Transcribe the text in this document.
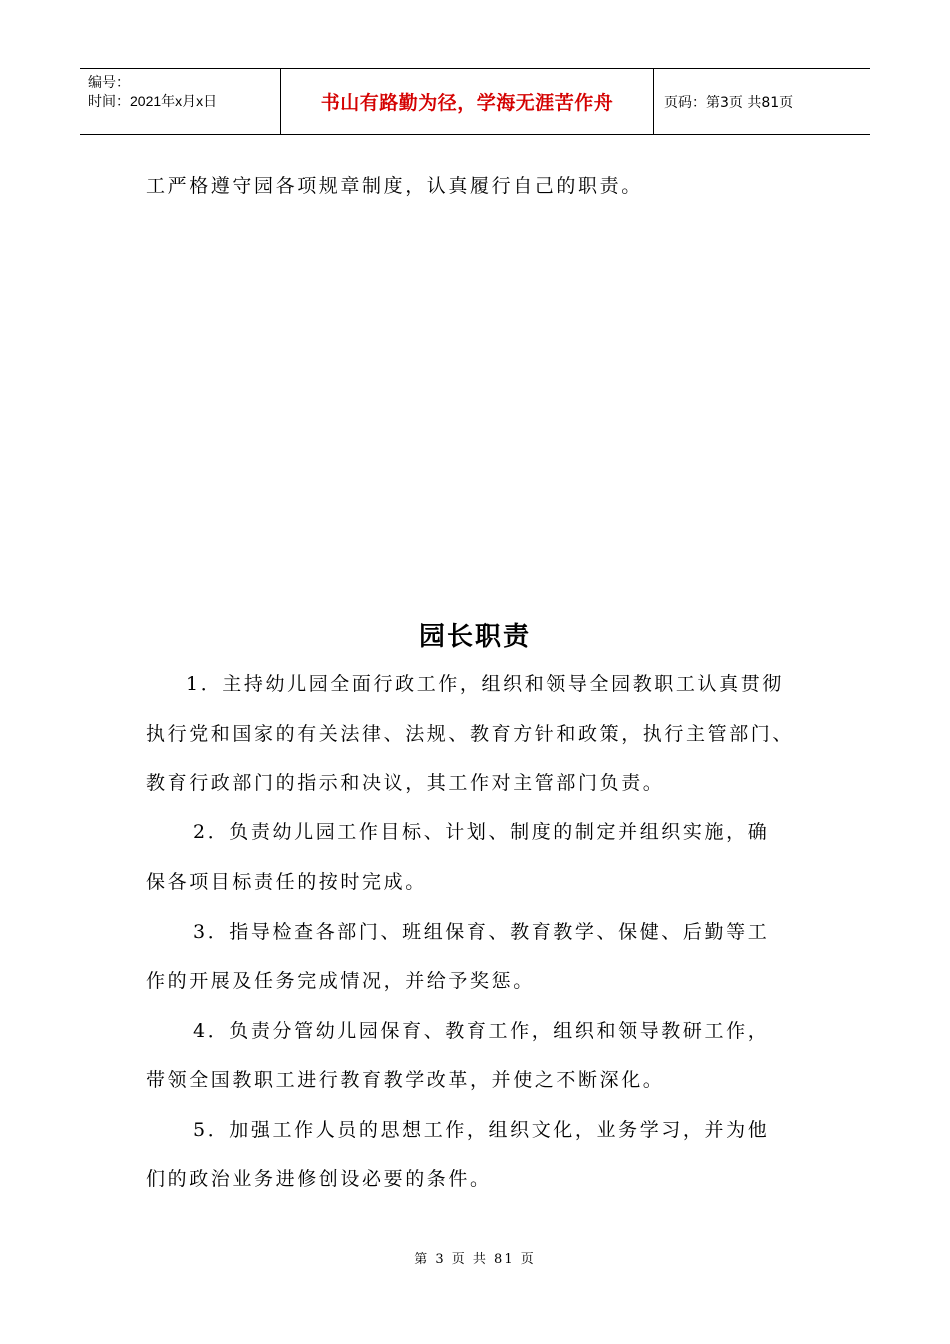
编号：
时间：2021年x月x日	书山有路勤为径，学海无涯苦作舟	页码：第3页 共81页
工严格遵守园各项规章制度，认真履行自己的职责。
园长职责
1．主持幼儿园全面行政工作，组织和领导全园教职工认真贯彻
执行党和国家的有关法律、法规、教育方针和政策，执行主管部门、
教育行政部门的指示和决议，其工作对主管部门负责。
2．负责幼儿园工作目标、计划、制度的制定并组织实施，确
保各项目标责任的按时完成。
3．指导检查各部门、班组保育、教育教学、保健、后勤等工
作的开展及任务完成情况，并给予奖惩。
4．负责分管幼儿园保育、教育工作，组织和领导教研工作，
带领全国教职工进行教育教学改革，并使之不断深化。
5．加强工作人员的思想工作，组织文化，业务学习，并为他
们的政治业务进修创设必要的条件。
第 3 页 共 81 页
